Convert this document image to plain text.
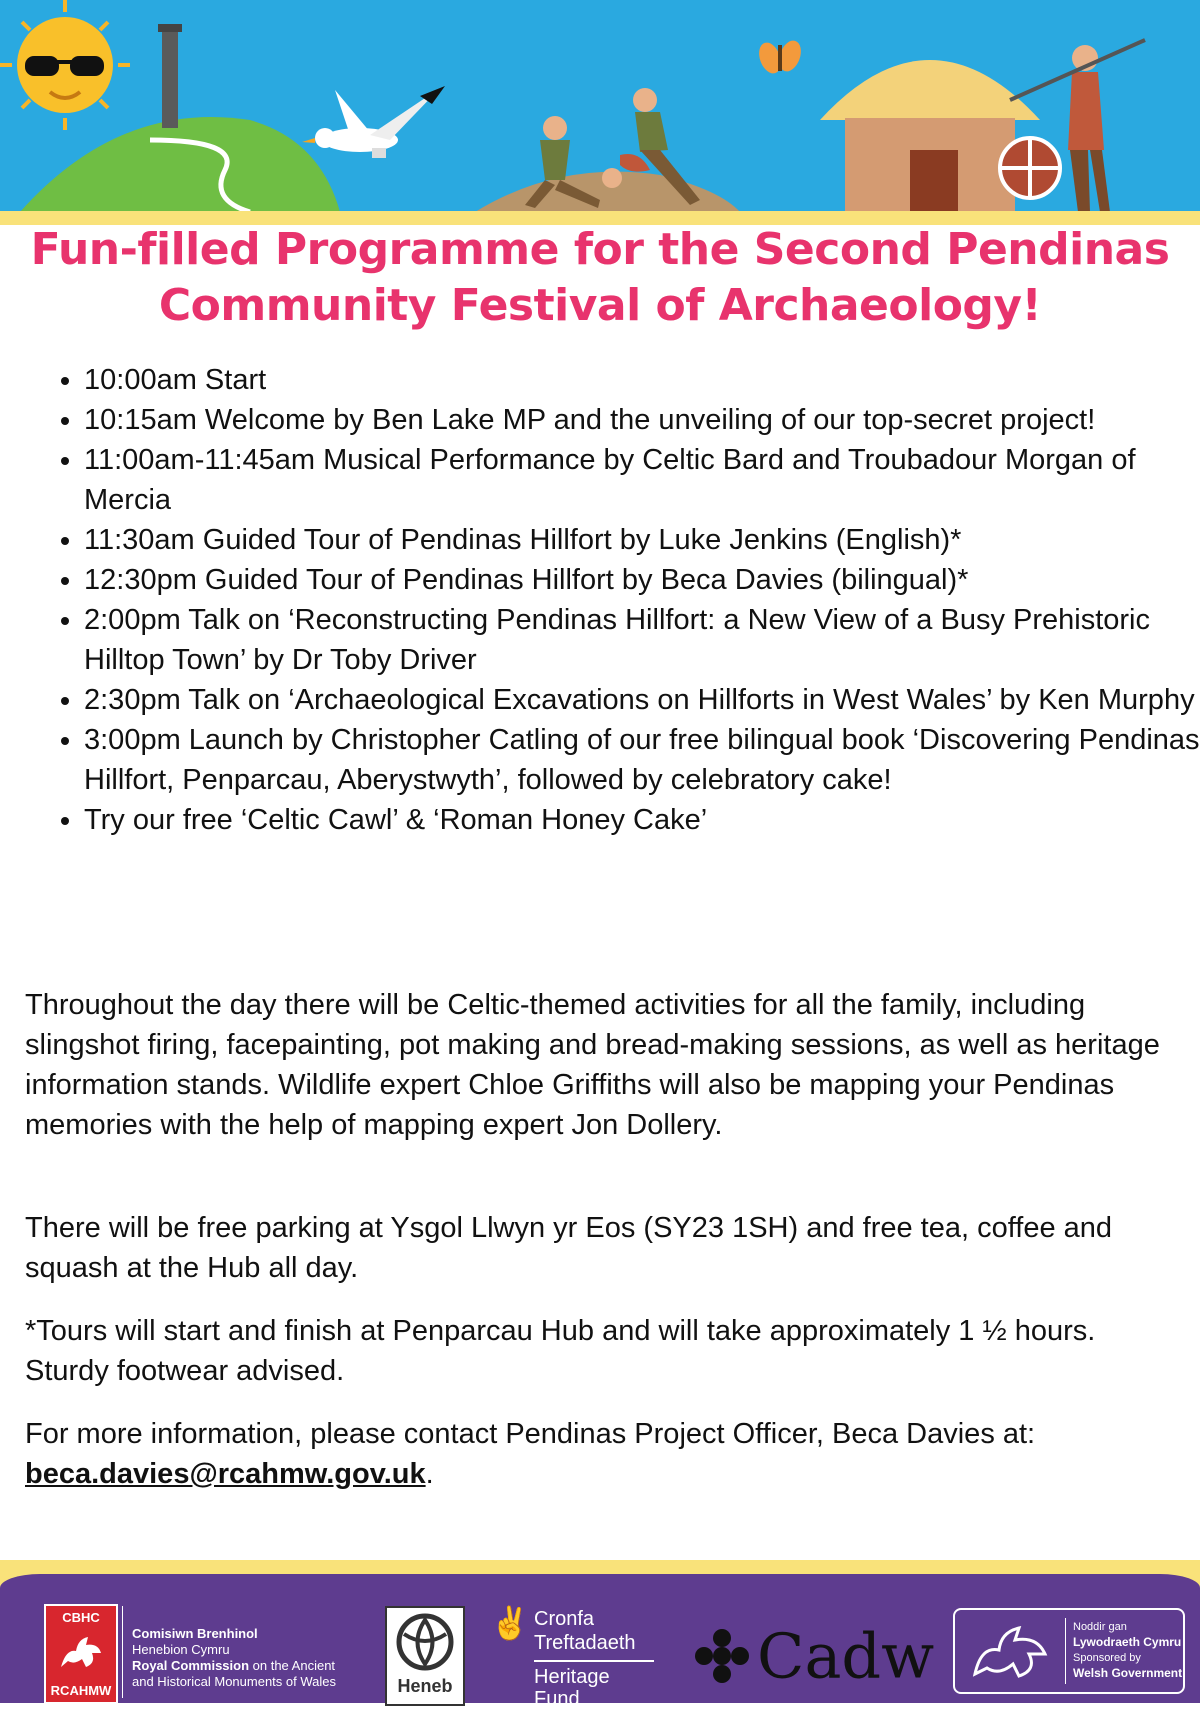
Fun-filled Programme for the Second Pendinas
Community Festival of Archaeology!
• 10:00am Start
• 10:15am Welcome by Ben Lake MP and the unveiling of our top-secret project!
• 11:00am-11:45am Musical Performance by Celtic Bard and Troubadour Morgan of Mercia
• 11:30am Guided Tour of Pendinas Hillfort by Luke Jenkins (English)*
• 12:30pm Guided Tour of Pendinas Hillfort by Beca Davies (bilingual)*
• 2:00pm Talk on ‘Reconstructing Pendinas Hillfort: a New View of a Busy Prehistoric Hilltop Town’ by Dr Toby Driver
• 2:30pm Talk on ‘Archaeological Excavations on Hillforts in West Wales’ by Ken Murphy
• 3:00pm Launch by Christopher Catling of our free bilingual book ‘Discovering Pendinas Hillfort, Penparcau, Aberystwyth’, followed by celebratory cake!
• Try our free ‘Celtic Cawl’ & ‘Roman Honey Cake’

Throughout the day there will be Celtic-themed activities for all the family, including slingshot firing, facepainting, pot making and bread-making sessions, as well as heritage information stands. Wildlife expert Chloe Griffiths will also be mapping your Pendinas memories with the help of mapping expert Jon Dollery.

There will be free parking at Ysgol Llwyn yr Eos (SY23 1SH) and free tea, coffee and squash at the Hub all day.

*Tours will start and finish at Penparcau Hub and will take approximately 1 ½ hours. Sturdy footwear advised.

For more information, please contact Pendinas Project Officer, Beca Davies at:
beca.davies@rcahmw.gov.uk.

CBHC
RCAHMW
Comisiwn Brenhinol
Henebion Cymru
Royal Commission on the Ancient
and Historical Monuments of Wales	Heneb
✌ Cronfa
Treftadaeth
Heritage
Fund
Cadw	Noddir gan
Lywodraeth Cymru
Sponsored by
Welsh Government
